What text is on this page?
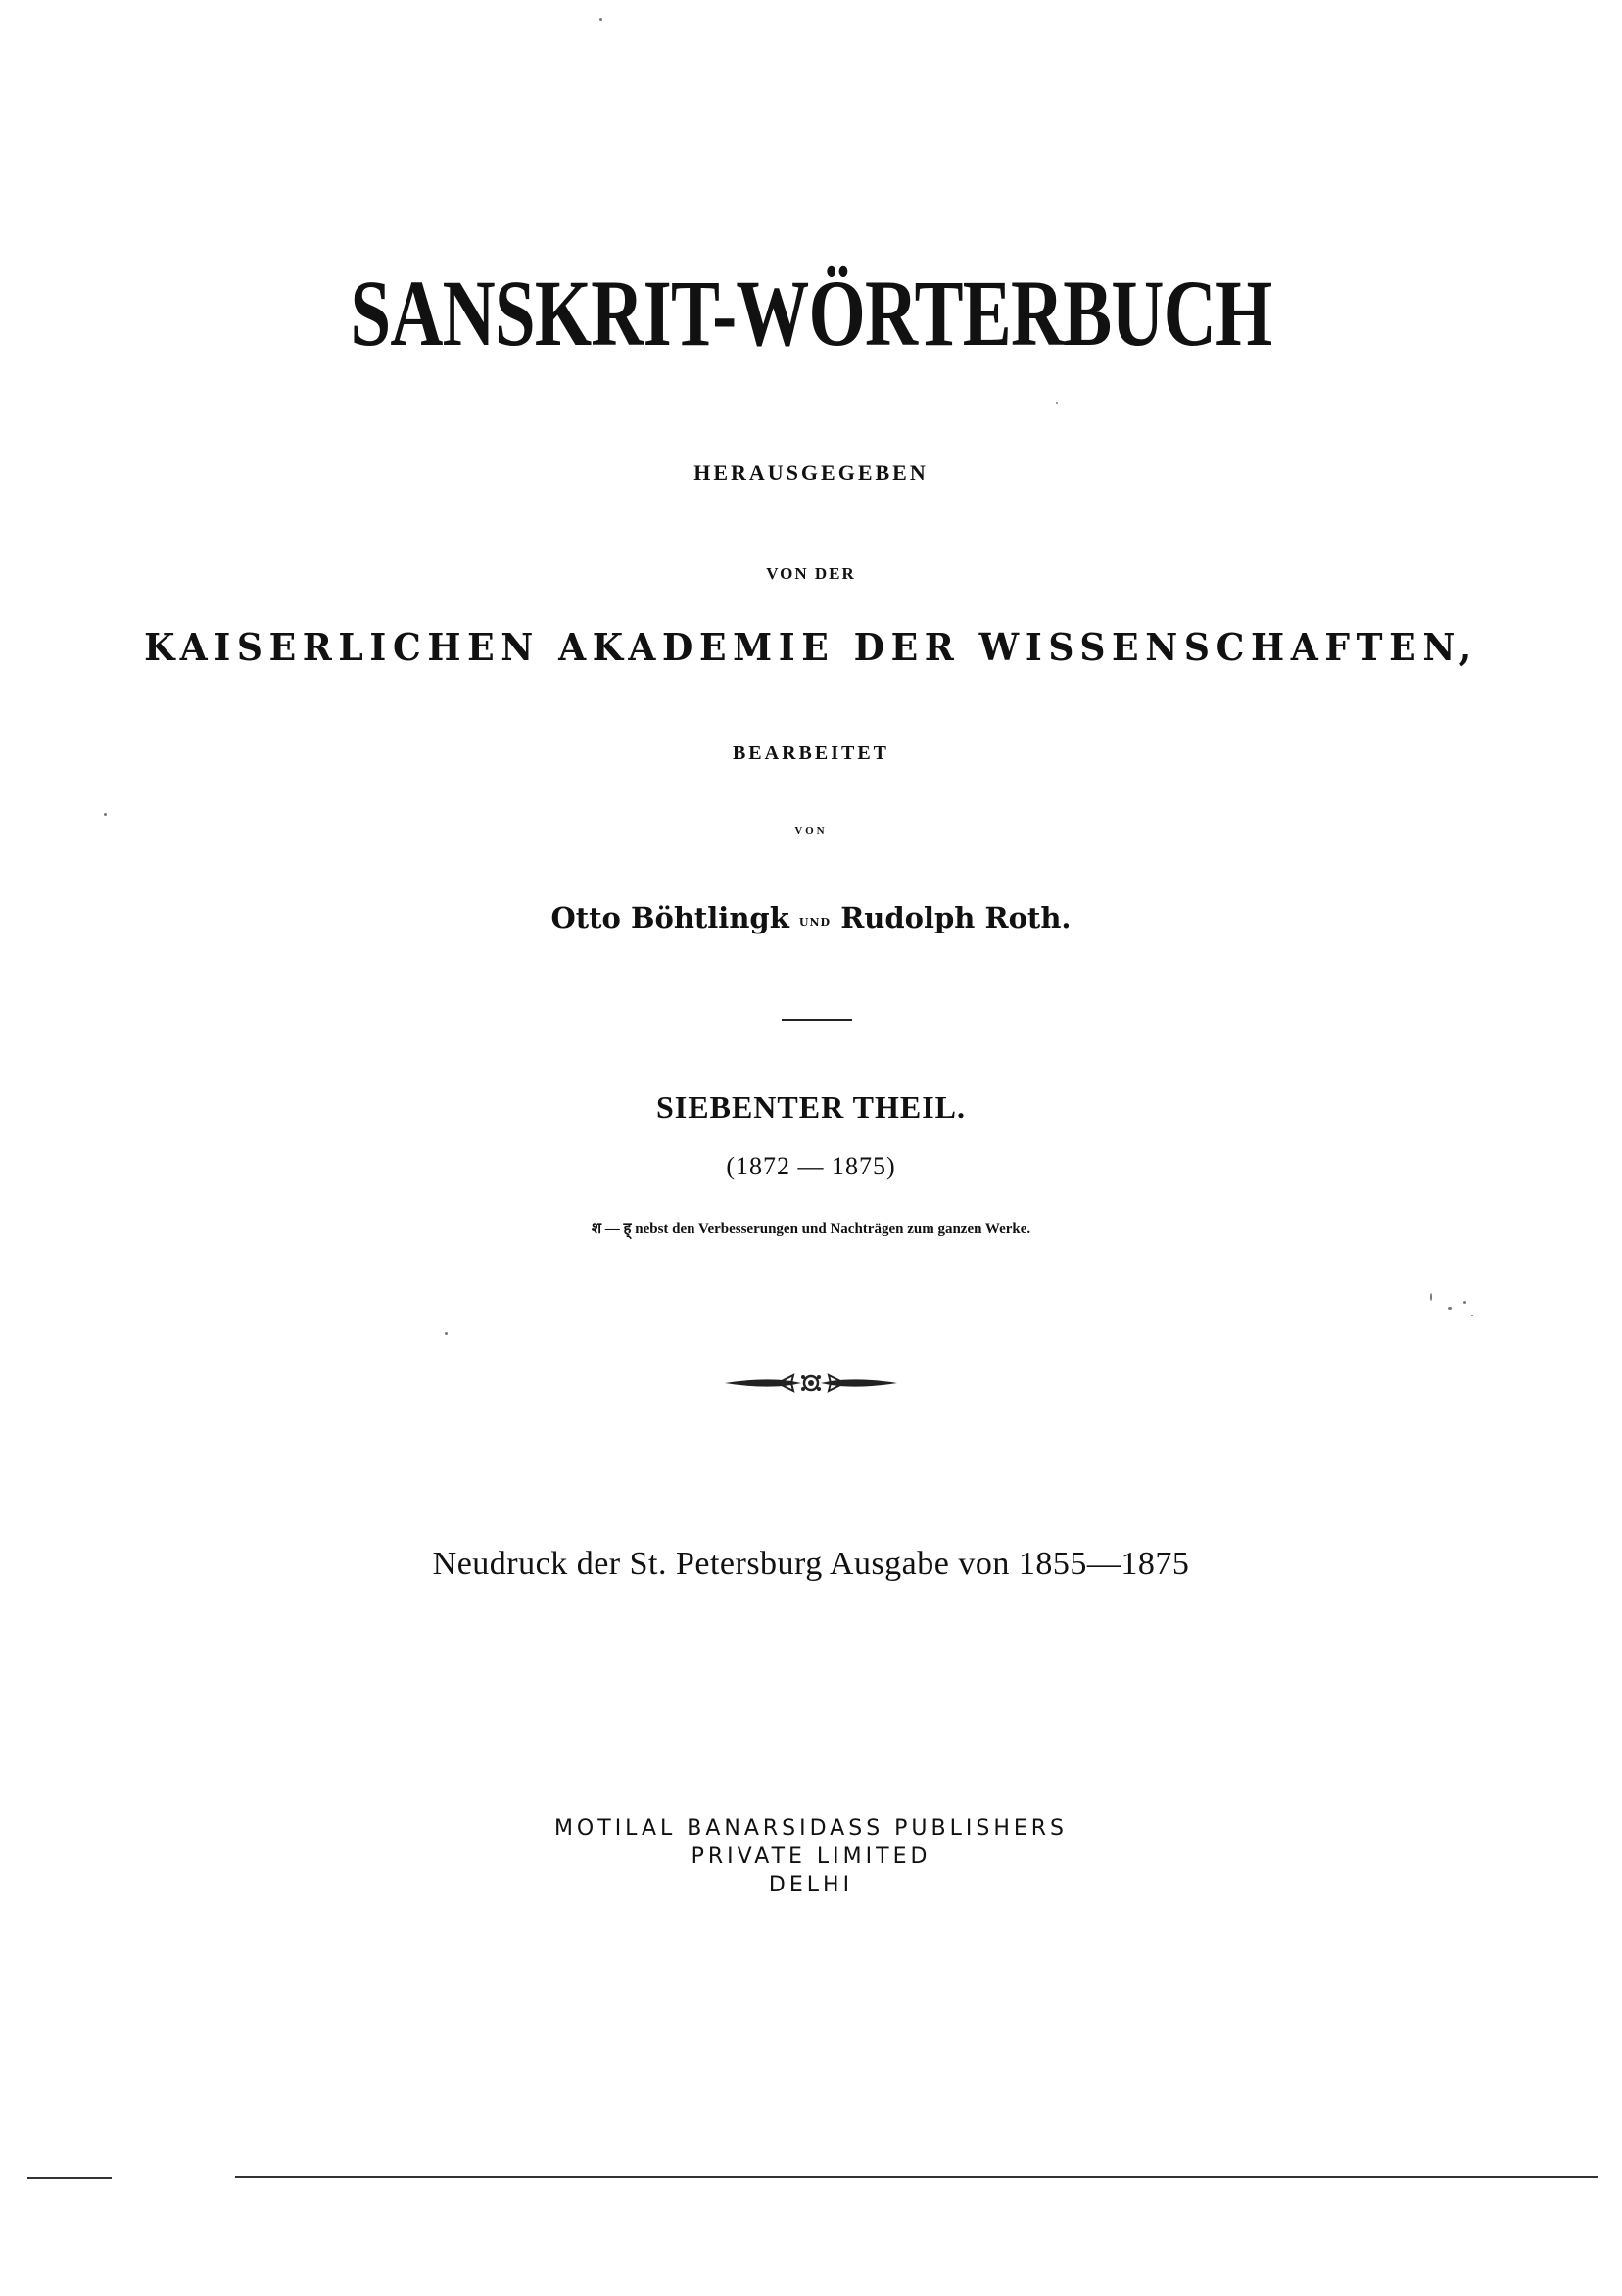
SANSKRIT-WÖRTERBUCH
HERAUSGEGEBEN
VON DER
KAISERLICHEN AKADEMIE DER WISSENSCHAFTEN,
BEARBEITET
VON
Otto Böhtlingk UND Rudolph Roth.
SIEBENTER THEIL.
(1872 — 1875)
श — ह् nebst den Verbesserungen und Nachträgen zum ganzen Werke.
Neudruck der St. Petersburg Ausgabe von 1855—1875
MOTILAL BANARSIDASS PUBLISHERS
PRIVATE LIMITED
DELHI
